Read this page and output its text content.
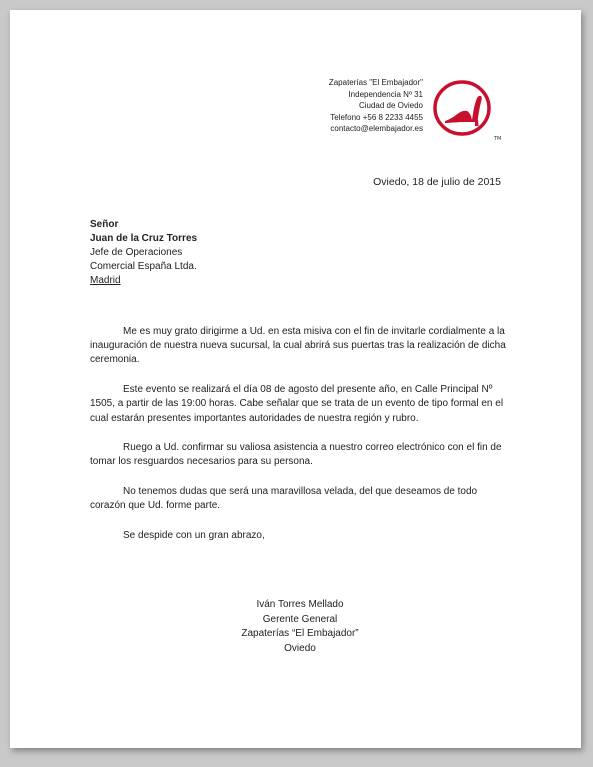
Zapaterías "El Embajador"
Independencia Nº 31
Ciudad de Oviedo
Telefono +56 8 2233 4455
contacto@elembajador.es
TM
Oviedo, 18 de julio de 2015
Señor
Juan de la Cruz Torres
Jefe de Operaciones
Comercial España Ltda.
Madrid

Me es muy grato dirigirme a Ud. en esta misiva con el fin de invitarle cordialmente a la inauguración de nuestra nueva sucursal, la cual abrirá sus puertas tras la realización de dicha ceremonia.

Este evento se realizará el día 08 de agosto del presente año, en Calle Principal Nº 1505, a partir de las 19:00 horas. Cabe señalar que se trata de un evento de tipo formal en el cual estarán presentes importantes autoridades de nuestra región y rubro.

Ruego a Ud. confirmar su valiosa asistencia a nuestro correo electrónico con el fin de tomar los resguardos necesarios para su persona.

No tenemos dudas que será una maravillosa velada, del que deseamos de todo corazón que Ud. forme parte.

Se despide con un gran abrazo,

Iván Torres Mellado
Gerente General
Zapaterías “El Embajador”
Oviedo
